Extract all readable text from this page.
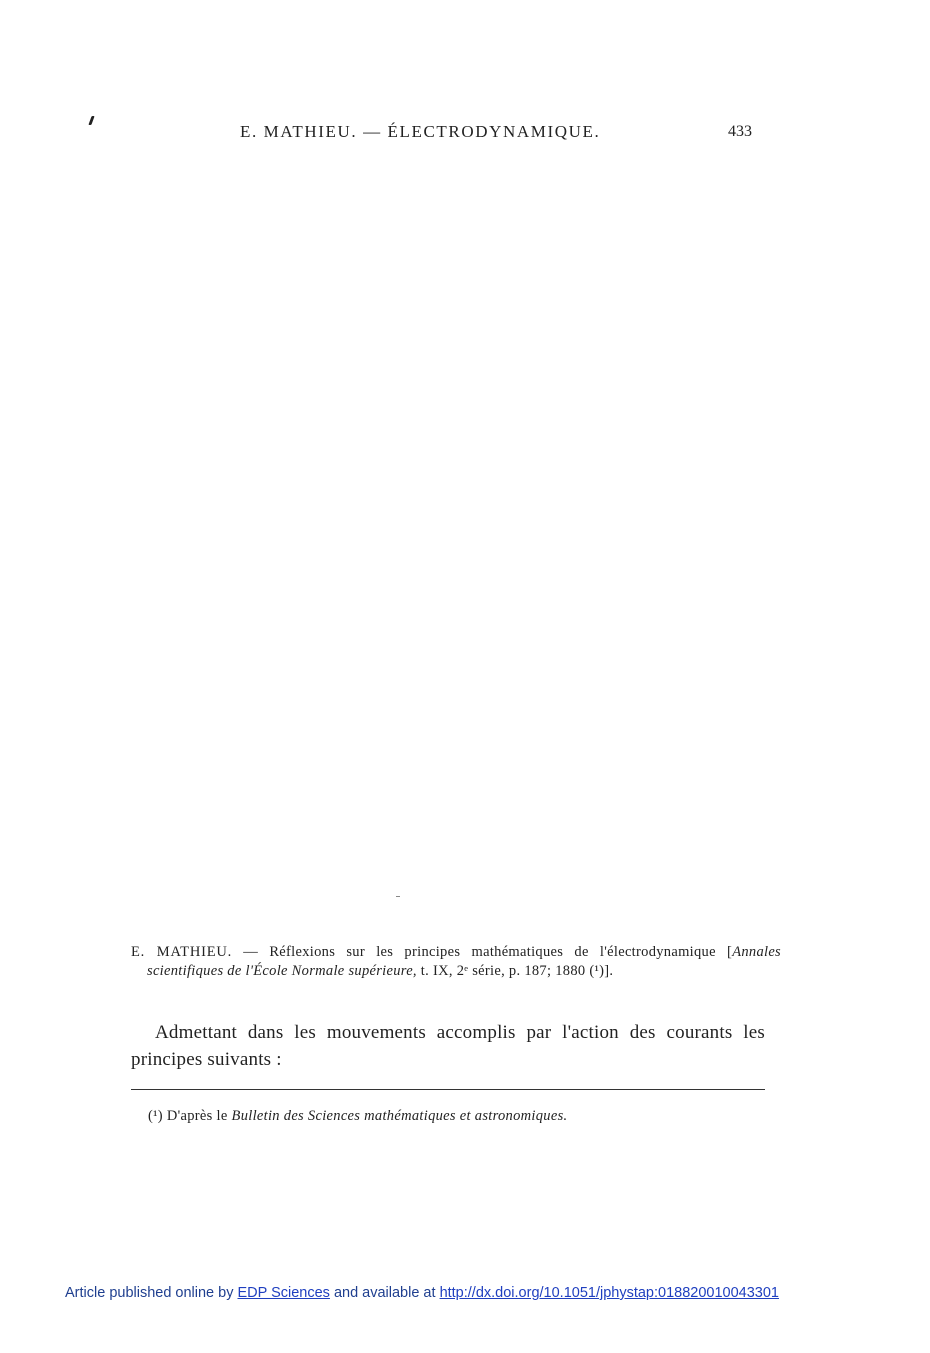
E. MATHIEU. — ÉLECTRODYNAMIQUE.	433
E. MATHIEU. — Réflexions sur les principes mathématiques de l'électrodynamique [Annales scientifiques de l'École Normale supérieure, t. IX, 2ᵉ série, p. 187; 1880 (¹)].
Admettant dans les mouvements accomplis par l'action des courants les principes suivants :
(¹) D'après le Bulletin des Sciences mathématiques et astronomiques.
Article published online by EDP Sciences and available at http://dx.doi.org/10.1051/jphystap:018820010043301
